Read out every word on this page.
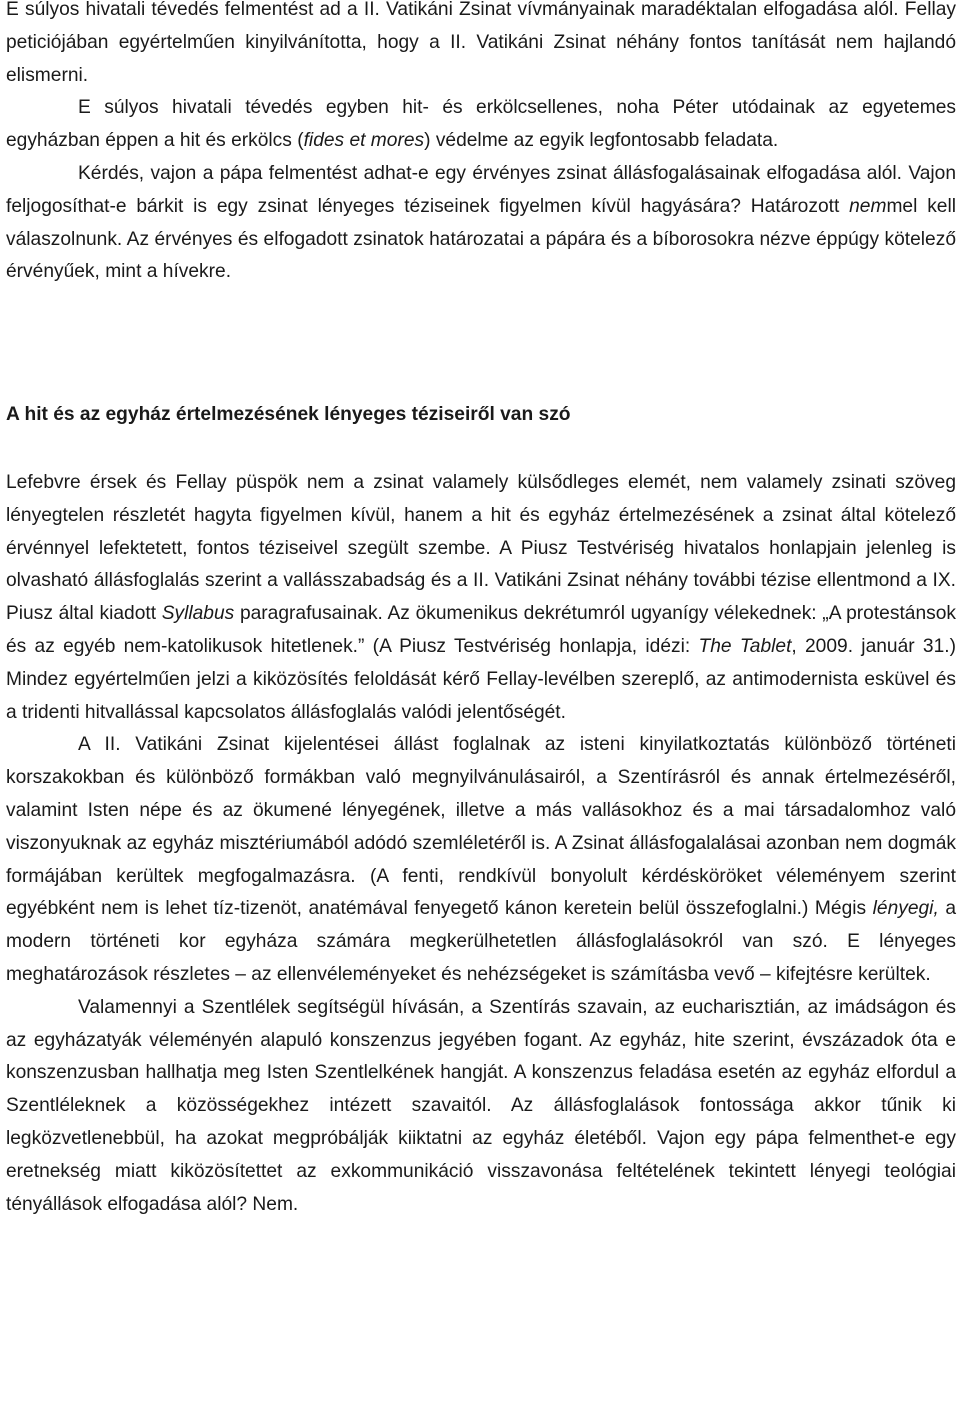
E súlyos hivatali tévedés felmentést ad a II. Vatikáni Zsinat vívmányainak maradéktalan elfogadása alól. Fellay peticiójában egyértelműen kinyilvánította, hogy a II. Vatikáni Zsinat néhány fontos tanítását nem hajlandó elismerni.

E súlyos hivatali tévedés egyben hit- és erkölcsellenes, noha Péter utódainak az egyetemes egyházban éppen a hit és erkölcs (fides et mores) védelme az egyik legfontosabb feladata.

Kérdés, vajon a pápa felmentést adhat-e egy érvényes zsinat állásfogalásainak elfogadása alól. Vajon feljogosíthat-e bárkit is egy zsinat lényeges téziseinek figyelmen kívül hagyására? Határozott nemmel kell válaszolnunk. Az érvényes és elfogadott zsinatok határozatai a pápára és a bíborosokra nézve éppúgy kötelező érvényűek, mint a hívekre.

A hit és az egyház értelmezésének lényeges téziseiről van szó

Lefebvre érsek és Fellay püspök nem a zsinat valamely külsődleges elemét, nem valamely zsinati szöveg lényegtelen részletét hagyta figyelmen kívül, hanem a hit és egyház értelmezésének a zsinat által kötelező érvénnyel lefektetett, fontos téziseivel szegült szembe. A Piusz Testvériség hivatalos honlapjain jelenleg is olvasható állásfoglalás szerint a vallásszabadság és a II. Vatikáni Zsinat néhány további tézise ellentmond a IX. Piusz által kiadott Syllabus paragrafusainak. Az ökumenikus dekrétumról ugyanígy vélekednek: „A protestánsok és az egyéb nem-katolikusok hitetlenek.” (A Piusz Testvériség honlapja, idézi: The Tablet, 2009. január 31.) Mindez egyértelműen jelzi a kiközösítés feloldását kérő Fellay-levélben szereplő, az antimodernista esküvel és a tridenti hitvallással kapcsolatos állásfoglalás valódi jelentőségét.

A II. Vatikáni Zsinat kijelentései állást foglalnak az isteni kinyilatkoztatás különböző történeti korszakokban és különböző formákban való megnyilvánulásairól, a Szentírásról és annak értelmezéséről, valamint Isten népe és az ökumené lényegének, illetve a más vallásokhoz és a mai társadalomhoz való viszonyuknak az egyház misztériumából adódó szemléletéről is. A Zsinat állásfogalalásai azonban nem dogmák formájában kerültek megfogalmazásra. (A fenti, rendkívül bonyolult kérdésköröket véleményem szerint egyébként nem is lehet tíz-tizenöt, anatémával fenyegető kánon keretein belül összefoglalni.) Mégis lényegi, a modern történeti kor egyháza számára megkerülhetetlen állásfoglalásokról van szó. E lényeges meghatározások részletes – az ellenvéleményeket és nehézségeket is számításba vevő – kifejtésre kerültek.

Valamennyi a Szentlélek segítségül hívásán, a Szentírás szavain, az eucharisztián, az imádságon és az egyházatyák véleményén alapuló konszenzus jegyében fogant. Az egyház, hite szerint, évszázadok óta e konszenzusban hallhatja meg Isten Szentlelkének hangját. A konszenzus feladása esetén az egyház elfordul a Szentléleknek a közösségekhez intézett szavaitól. Az állásfoglalások fontossága akkor tűnik ki legközvetlenebbül, ha azokat megpróbálják kiiktatni az egyház életéből. Vajon egy pápa felmenthet-e egy eretnekség miatt kiközösítettet az exkommunikáció visszavonása feltételének tekintett lényegi teológiai tényállások elfogadása alól? Nem.
